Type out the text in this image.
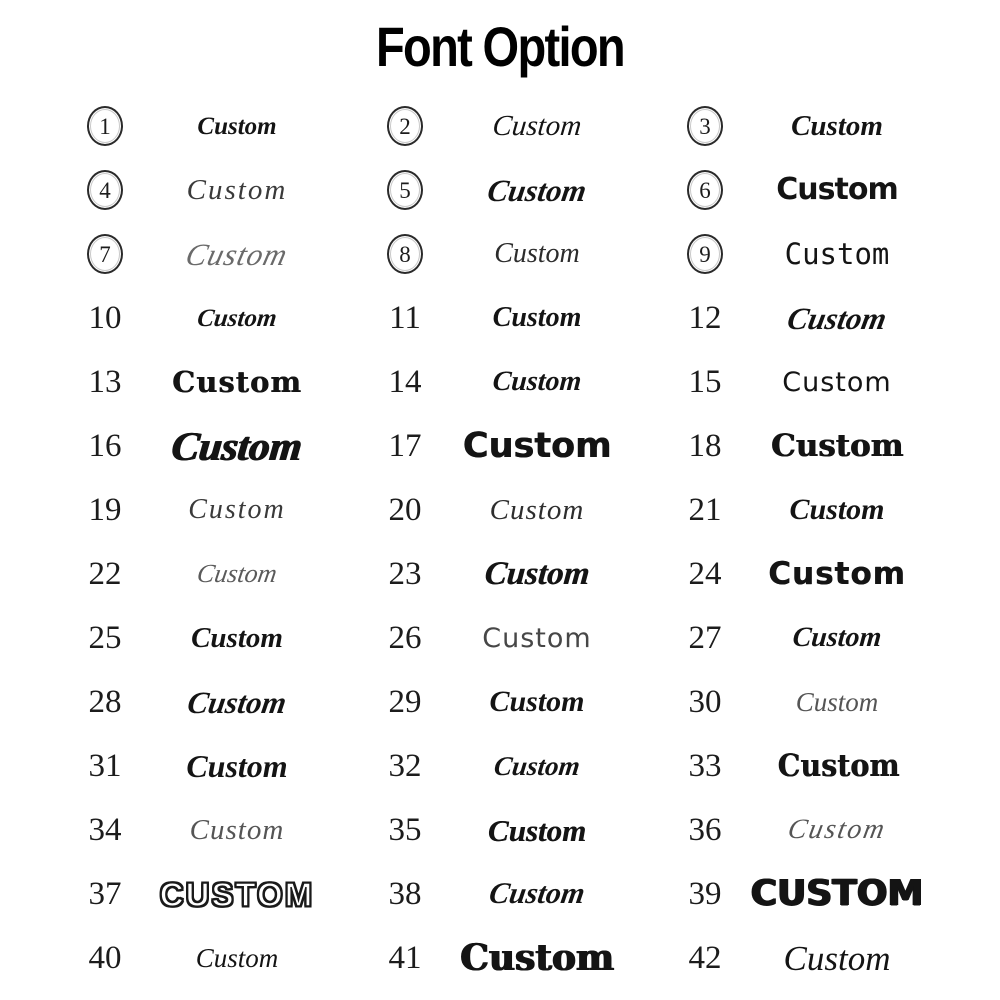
Font Option
1	Custom	2	Custom	3	Custom
4	Custom	5	Custom	6	Custom
7	Custom	8	Custom	9	Custom
10	Custom	11	Custom	12	Custom
13	Custom	14	Custom	15	Custom
16	Custom	17	Custom	18	Custom
19	Custom	20	Custom	21	Custom
22	Custom	23	Custom	24	Custom
25	Custom	26	Custom	27	Custom
28	Custom	29	Custom	30	Custom
31	Custom	32	Custom	33	Custom
34	Custom	35	Custom	36	Custom
37	CUSTOM	38	Custom	39 CUSTOM
40	Custom	41	Custom	42	Custom
